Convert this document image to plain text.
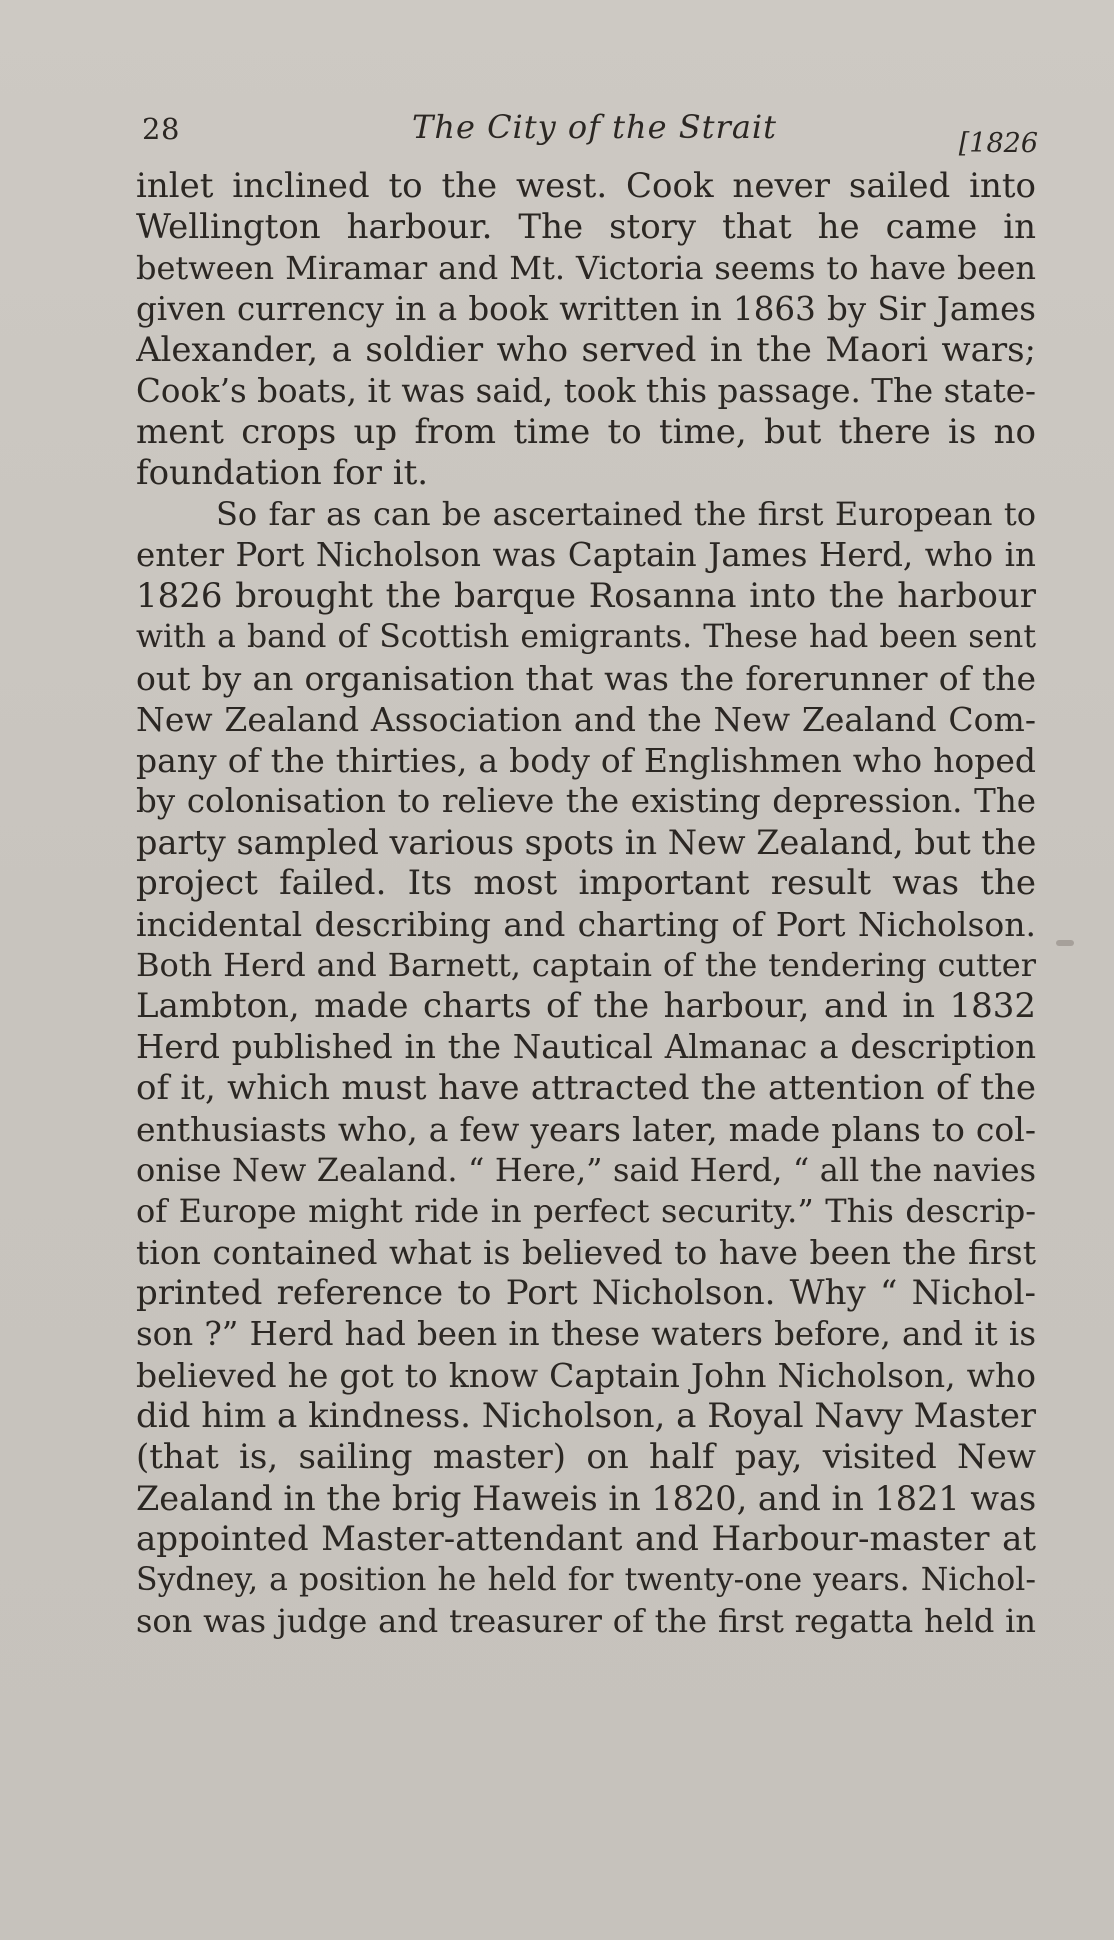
28	The City of the Strait	[1826
inlet inclined to the west. Cook never sailed into
Wellington harbour. The story that he came in
between Miramar and Mt. Victoria seems to have been
given currency in a book written in 1863 by Sir James
Alexander, a soldier who served in the Maori wars;
Cook’s boats, it was said, took this passage. The state-
ment crops up from time to time, but there is no
foundation for it.
So far as can be ascertained the first European to
enter Port Nicholson was Captain James Herd, who in
1826 brought the barque Rosanna into the harbour
with a band of Scottish emigrants. These had been sent
out by an organisation that was the forerunner of the
New Zealand Association and the New Zealand Com-
pany of the thirties, a body of Englishmen who hoped
by colonisation to relieve the existing depression. The
party sampled various spots in New Zealand, but the
project failed. Its most important result was the
incidental describing and charting of Port Nicholson.
Both Herd and Barnett, captain of the tendering cutter
Lambton, made charts of the harbour, and in 1832
Herd published in the Nautical Almanac a description
of it, which must have attracted the attention of the
enthusiasts who, a few years later, made plans to col-
onise New Zealand. “ Here,” said Herd, “ all the navies
of Europe might ride in perfect security.” This descrip-
tion contained what is believed to have been the first
printed reference to Port Nicholson. Why “ Nichol-
son ?” Herd had been in these waters before, and it is
believed he got to know Captain John Nicholson, who
did him a kindness. Nicholson, a Royal Navy Master
(that is, sailing master) on half pay, visited New
Zealand in the brig Haweis in 1820, and in 1821 was
appointed Master-attendant and Harbour-master at
Sydney, a position he held for twenty-one years. Nichol-
son was judge and treasurer of the first regatta held in
